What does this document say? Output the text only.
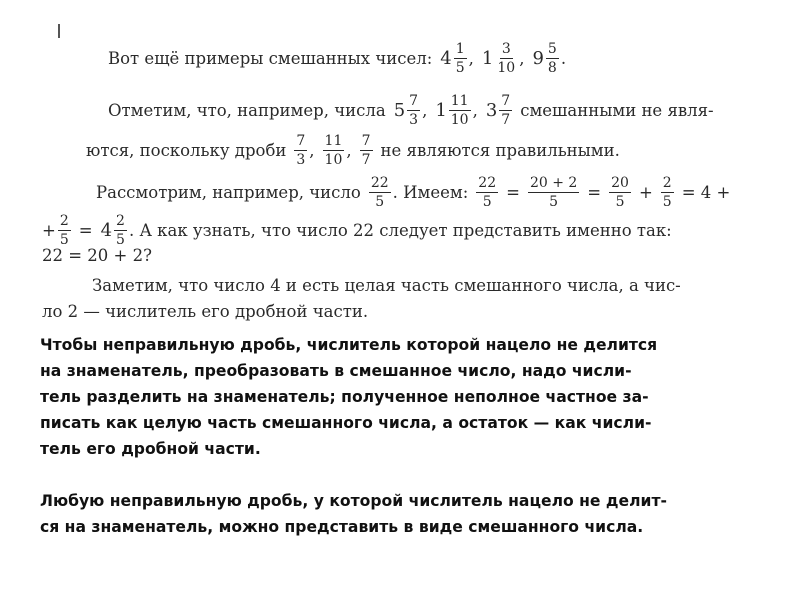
Вот ещё примеры смешанных чисел: $4 \frac{1}{5}$ , $1 \frac{3}{10}$ , $9 \frac{5}{8}$ .
Отметим, что, например, числа $5 \frac{7}{3}$ , $1 \frac{11}{10}$ , $3 \frac{7}{7}$ смешанными не явля-
ются, поскольку дроби $\frac{7}{3}$ , $\frac{11}{10}$ , $\frac{7}{7}$ не являются правильными.
Рассмотрим, например, число $\frac{22}{5}$ . Имеем: $\frac{22}{5} = \frac{20 + 2}{5} = \frac{20}{5} + \frac{2}{5} = 4$ +
+ $\frac{2}{5} = 4 \frac{2}{5}$ . А как узнать, что число 22 следует представить именно так:
22 = 20 + 2?
Заметим, что число 4 и есть целая часть смешанного числа, а чис-
ло 2 — числитель его дробной части.
Чтобы неправильную дробь, числитель которой нацело не делится
на знаменатель, преобразовать в смешанное число, надо числи-
тель разделить на знаменатель; полученное неполное частное за-
писать как целую часть смешанного числа, а остаток — как числи-
тель его дробной части.
Любую неправильную дробь, у которой числитель нацело не делит-
ся на знаменатель, можно представить в виде смешанного числа.
